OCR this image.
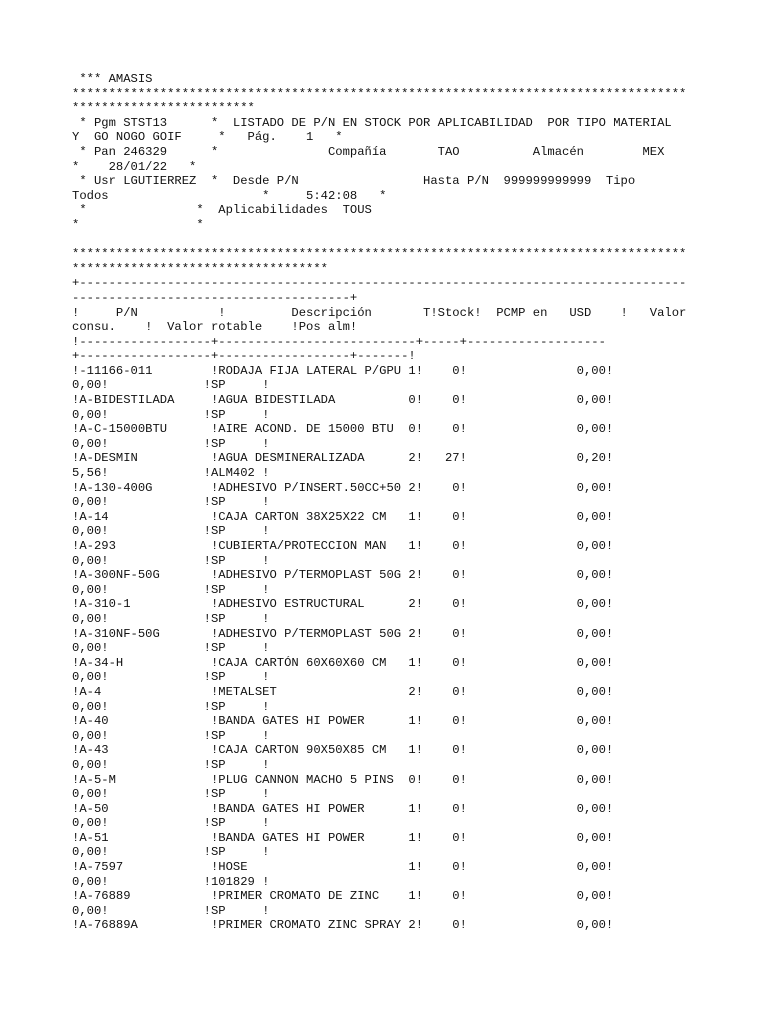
*** AMASIS
************************************************************************************
*************************
* Pgm STST13      *  LISTADO DE P/N EN STOCK POR APLICABILIDAD  POR TIPO MATERIAL
Y  GO NOGO GOIF     *   Pág.    1   *
* Pan 246329      *               Compañía       TAO          Almacén        MEX
*    28/01/22   *
* Usr LGUTIERREZ  *  Desde P/N                 Hasta P/N  999999999999  Tipo
Todos                     *     5:42:08   *
*               *  Aplicabilidades  TOUS
*                *
************************************************************************************
***********************************
+-----------------------------------------------------------------------------------
--------------------------------------+
!     P/N           !         Descripción       T!Stock!  PCMP en   USD    !   Valor
consu.    !  Valor rotable    !Pos alm!
!------------------+---------------------------+-----+-------------------
+------------------+------------------+-------!
!-11166-011        !RODAJA FIJA LATERAL P/GPU 1!    0!               0,00!
0,00!             !SP     !
!A-BIDESTILADA     !AGUA BIDESTILADA          0!    0!               0,00!
0,00!             !SP     !
!A-C-15000BTU      !AIRE ACOND. DE 15000 BTU  0!    0!               0,00!
0,00!             !SP     !
!A-DESMIN          !AGUA DESMINERALIZADA      2!   27!               0,20!
5,56!             !ALM402 !
!A-130-400G        !ADHESIVO P/INSERT.50CC+50 2!    0!               0,00!
0,00!             !SP     !
!A-14              !CAJA CARTON 38X25X22 CM   1!    0!               0,00!
0,00!             !SP     !
!A-293             !CUBIERTA/PROTECCION MAN   1!    0!               0,00!
0,00!             !SP     !
!A-300NF-50G       !ADHESIVO P/TERMOPLAST 50G 2!    0!               0,00!
0,00!             !SP     !
!A-310-1           !ADHESIVO ESTRUCTURAL      2!    0!               0,00!
0,00!             !SP     !
!A-310NF-50G       !ADHESIVO P/TERMOPLAST 50G 2!    0!               0,00!
0,00!             !SP     !
!A-34-H            !CAJA CARTÓN 60X60X60 CM   1!    0!               0,00!
0,00!             !SP     !
!A-4               !METALSET                  2!    0!               0,00!
0,00!             !SP     !
!A-40              !BANDA GATES HI POWER      1!    0!               0,00!
0,00!             !SP     !
!A-43              !CAJA CARTON 90X50X85 CM   1!    0!               0,00!
0,00!             !SP     !
!A-5-M             !PLUG CANNON MACHO 5 PINS  0!    0!               0,00!
0,00!             !SP     !
!A-50              !BANDA GATES HI POWER      1!    0!               0,00!
0,00!             !SP     !
!A-51              !BANDA GATES HI POWER      1!    0!               0,00!
0,00!             !SP     !
!A-7597            !HOSE                      1!    0!               0,00!
0,00!             !101829 !
!A-76889           !PRIMER CROMATO DE ZINC    1!    0!               0,00!
0,00!             !SP     !
!A-76889A          !PRIMER CROMATO ZINC SPRAY 2!    0!               0,00!
